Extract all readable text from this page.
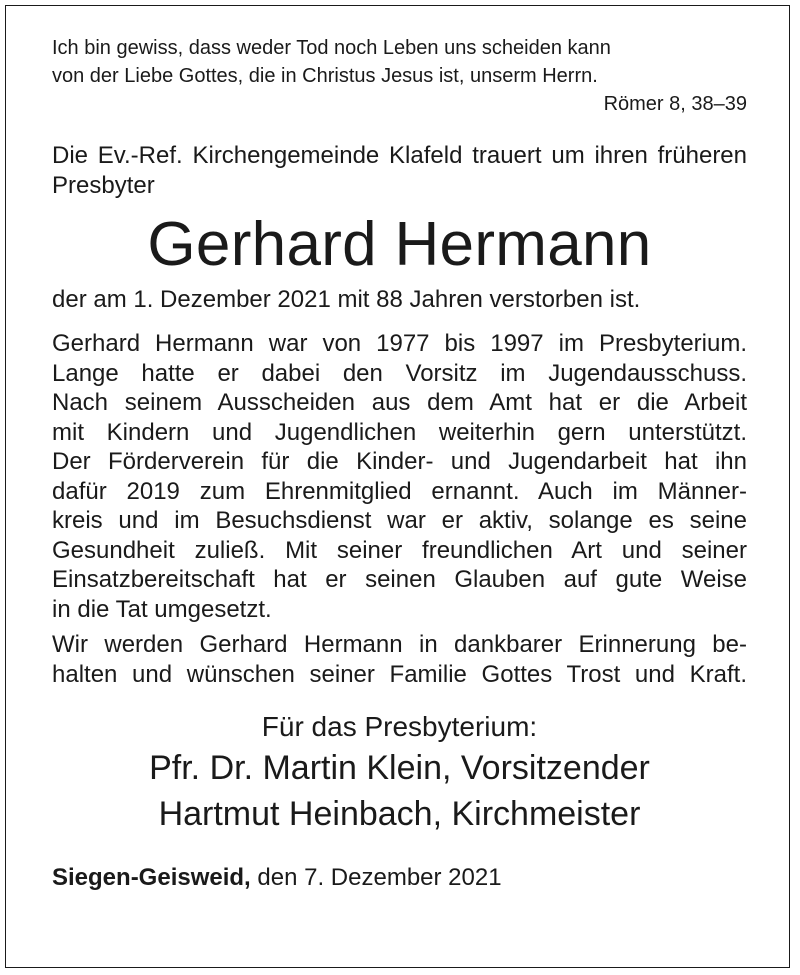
Ich bin gewiss, dass weder Tod noch Leben uns scheiden kann
von der Liebe Gottes, die in Christus Jesus ist, unserm Herrn.
Römer 8, 38–39
Die Ev.-Ref. Kirchengemeinde Klafeld trauert um ihren früheren Presbyter
Gerhard Hermann
der am 1. Dezember 2021 mit 88 Jahren verstorben ist.
Gerhard Hermann war von 1977 bis 1997 im Presbyterium.
Lange hatte er dabei den Vorsitz im Jugendausschuss.
Nach seinem Ausscheiden aus dem Amt hat er die Arbeit
mit Kindern und Jugendlichen weiterhin gern unterstützt.
Der Förderverein für die Kinder- und Jugendarbeit hat ihn
dafür 2019 zum Ehrenmitglied ernannt. Auch im Männer-
kreis und im Besuchsdienst war er aktiv, solange es seine
Gesundheit zuließ. Mit seiner freundlichen Art und seiner
Einsatzbereitschaft hat er seinen Glauben auf gute Weise
in die Tat umgesetzt.
Wir werden Gerhard Hermann in dankbarer Erinnerung be-
halten und wünschen seiner Familie Gottes Trost und Kraft.
Für das Presbyterium:
Pfr. Dr. Martin Klein, Vorsitzender
Hartmut Heinbach, Kirchmeister
Siegen-Geisweid, den 7. Dezember 2021
